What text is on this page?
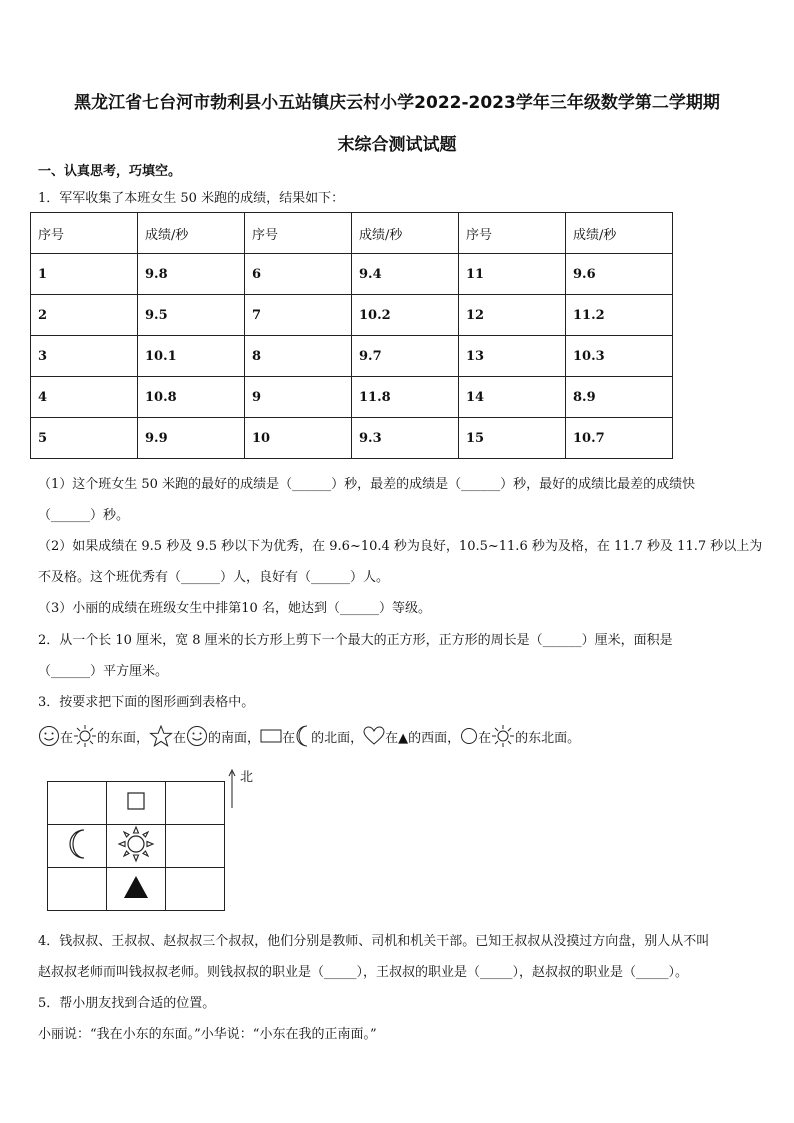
黑龙江省七台河市勃利县小五站镇庆云村小学2022-2023学年三年级数学第二学期期
末综合测试试题
一、认真思考，巧填空。
1．军军收集了本班女生 50 米跑的成绩，结果如下：
序号	成绩/秒	序号	成绩/秒	序号	成绩/秒
1	9.8	6	9.4	11	9.6
2	9.5	7	10.2	12	11.2
3	10.1	8	9.7	13	10.3
4	10.8	9	11.8	14	8.9
5	9.9	10	9.3	15	10.7
（1）这个班女生 50 米跑的最好的成绩是（______）秒，最差的成绩是（______）秒，最好的成绩比最差的成绩快
（______）秒。
（2）如果成绩在 9.5 秒及 9.5 秒以下为优秀，在 9.6~10.4 秒为良好，10.5~11.6 秒为及格，在 11.7 秒及 11.7 秒以上为
不及格。这个班优秀有（______）人，良好有（______）人。
（3）小丽的成绩在班级女生中排第10 名，她达到（______）等级。
2．从一个长 10 厘米，宽 8 厘米的长方形上剪下一个最大的正方形，正方形的周长是（______）厘米，面积是
（______）平方厘米。
3．按要求把下面的图形画到表格中。
在 的东面， 在 的南面， 在 的北面， 在▲的西面， 在 的东北面。

北
4．钱叔叔、王叔叔、赵叔叔三个叔叔，他们分别是教师、司机和机关干部。已知王叔叔从没摸过方向盘，别人从不叫
赵叔叔老师而叫钱叔叔老师。则钱叔叔的职业是（_____），王叔叔的职业是（_____），赵叔叔的职业是（_____）。
5．帮小朋友找到合适的位置。
小丽说：“我在小东的东面。”小华说：“小东在我的正南面。”
